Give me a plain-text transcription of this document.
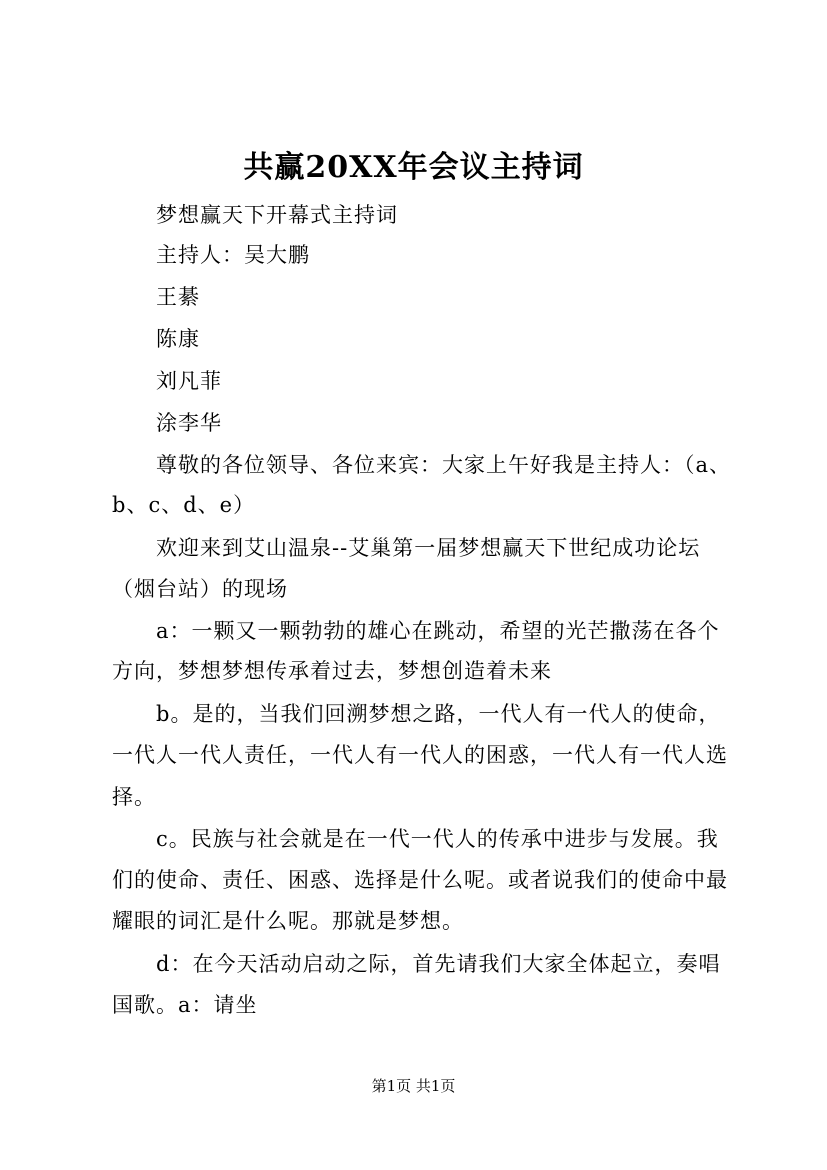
共赢20XX年会议主持词
梦想赢天下开幕式主持词
主持人：吴大鹏
王綦
陈康
刘凡菲
涂李华
尊敬的各位领导、各位来宾：大家上午好我是主持人：（a、
b、c、d、e）
欢迎来到艾山温泉--艾巢第一届梦想赢天下世纪成功论坛
（烟台站）的现场
a：一颗又一颗勃勃的雄心在跳动，希望的光芒撒荡在各个
方向，梦想梦想传承着过去，梦想创造着未来
b。是的，当我们回溯梦想之路，一代人有一代人的使命，
一代人一代人责任，一代人有一代人的困惑，一代人有一代人选
择。
c。民族与社会就是在一代一代人的传承中进步与发展。我
们的使命、责任、困惑、选择是什么呢。或者说我们的使命中最
耀眼的词汇是什么呢。那就是梦想。
d：在今天活动启动之际，首先请我们大家全体起立，奏唱
国歌。a：请坐
第1页 共1页
